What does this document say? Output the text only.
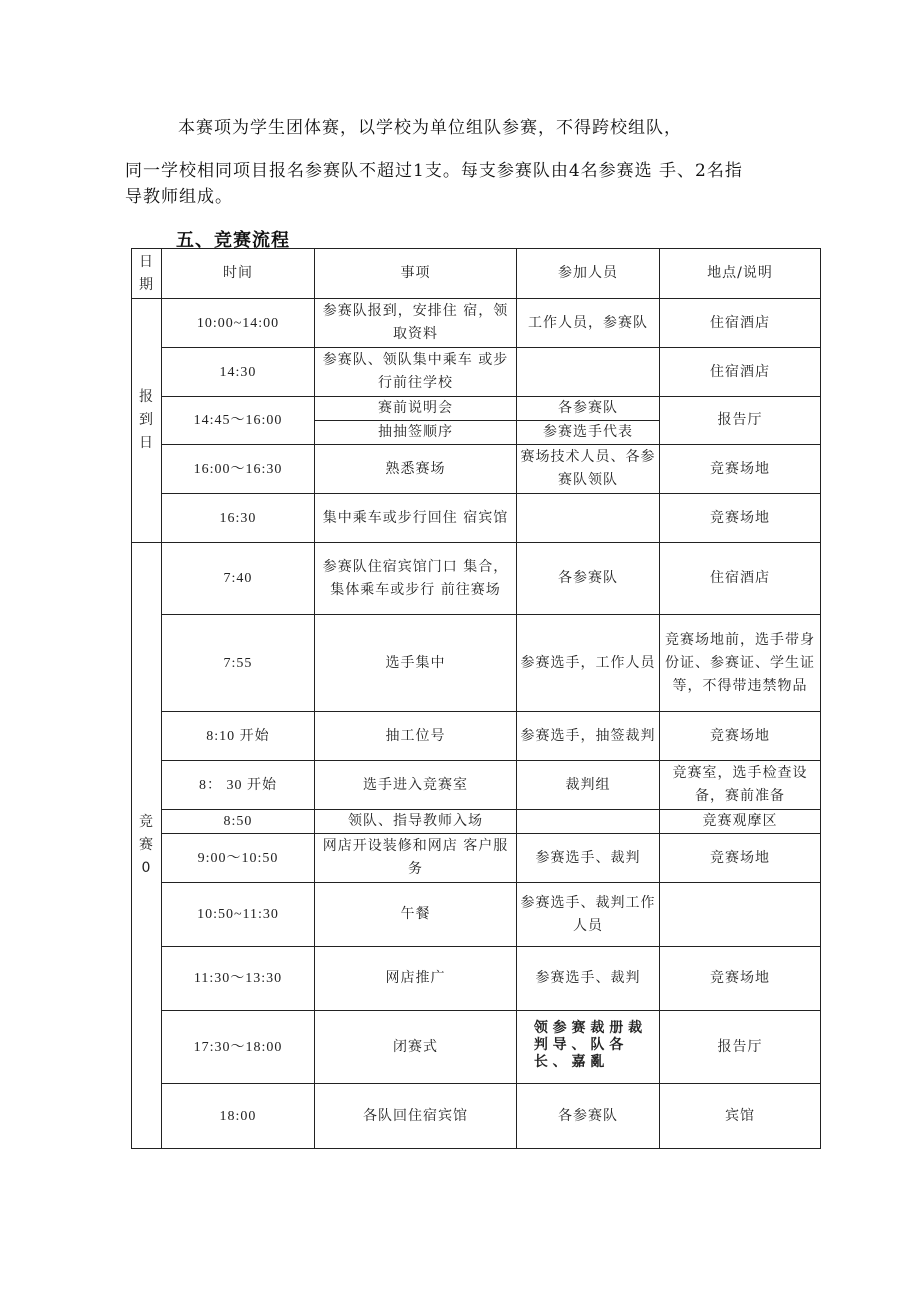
本赛项为学生团体赛，以学校为单位组队参赛，不得跨校组队，
同一学校相同项目报名参赛队不超过1支。每支参赛队由4名参赛选 手、2名指
导教师组成。
五、竞赛流程
日
期	时间	事项	参加人员	地点/说明
报
到
日	10:00~14:00	参赛队报到，安排住 宿，领取资料	工作人员，参赛队	住宿酒店
	14:30	参赛队、领队集中乘车 或步行前往学校		住宿酒店
	14:45～16:00	赛前说明会	各参赛队	报告厅
		抽抽签顺序	参赛选手代表	
	16:00～16:30	熟悉赛场	赛场技术人员、各参赛队领队	竞赛场地
	16:30	集中乘车或步行回住 宿宾馆		竞赛场地
竞
赛
0	7:40	参赛队住宿宾馆门口 集合，集体乘车或步行 前往赛场	各参赛队	住宿酒店
	7:55	选手集中	参赛选手，工作人员	竞赛场地前，选手带身份证、参赛证、学生证等，不得带违禁物品
	8:10 开始	抽工位号	参赛选手，抽签裁判	竞赛场地
	8： 30 开始	选手进入竞赛室	裁判组	竞赛室，选手检查设备，赛前准备
	8:50	领队、指导教师入场		竞赛观摩区
	9:00～10:50	网店开设装修和网店 客户服务	参赛选手、裁判	竞赛场地
	10:50~11:30	午餐	参赛选手、裁判工作人员	
	11:30～13:30	网店推广	参赛选手、裁判	竞赛场地
	17:30～18:00	闭赛式	领 参 赛 裁 册 裁
判 导 、 队 各
长 、 嘉 亂	报告厅
	18:00	各队回住宿宾馆	各参赛队	宾馆
